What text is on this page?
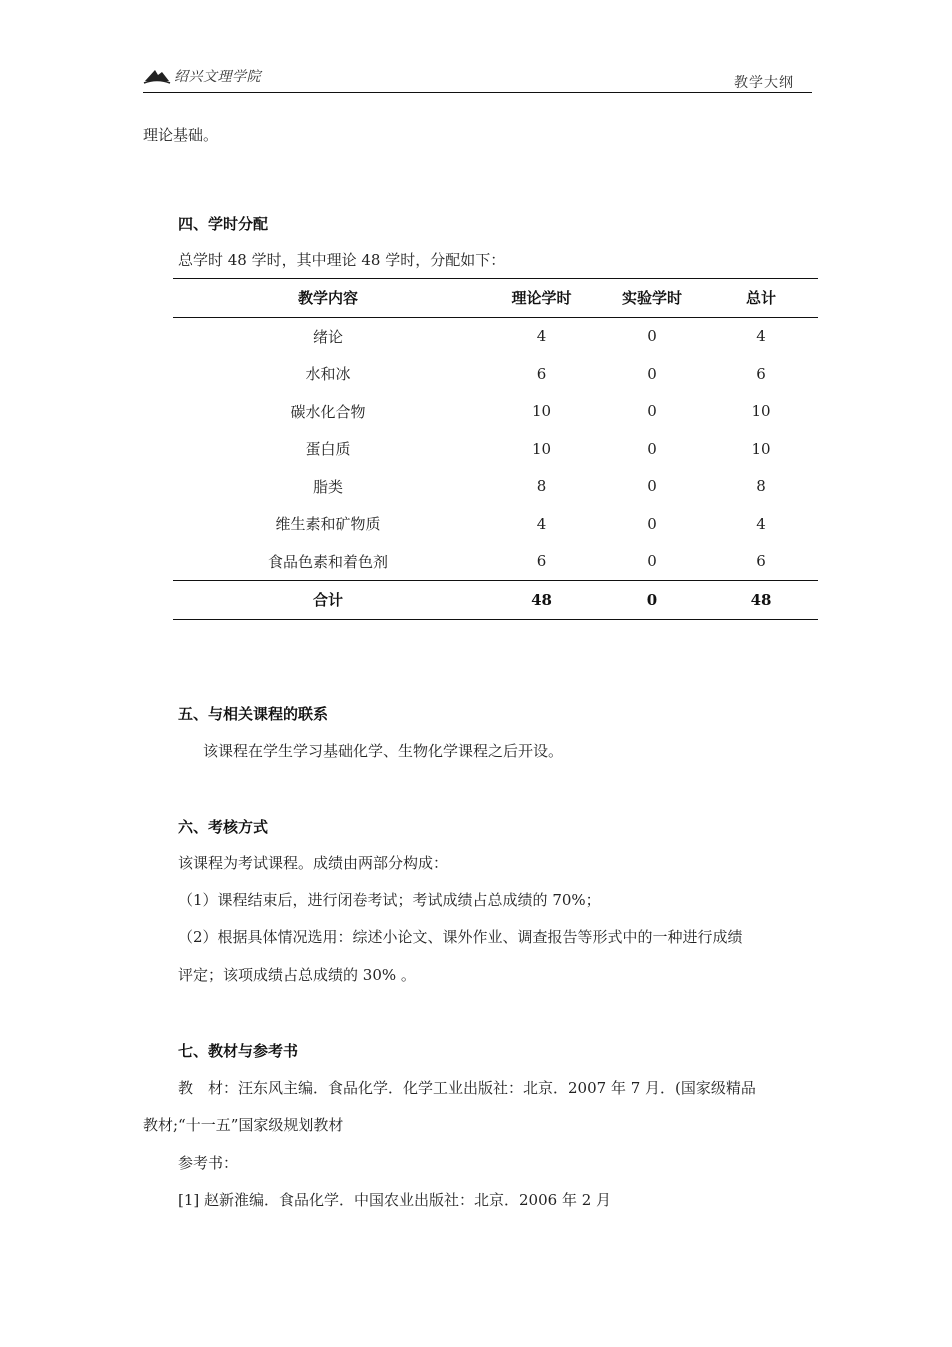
绍兴文理学院	教学大纲
理论基础。
四、学时分配
总学时 48 学时，其中理论 48 学时，分配如下：
教学内容	理论学时	实验学时	总计
绪论	4	0	4
水和冰	6	0	6
碳水化合物	10	0	10
蛋白质	10	0	10
脂类	8	0	8
维生素和矿物质	4	0	4
食品色素和着色剂	6	0	6
合计	48	0	48
五、与相关课程的联系
该课程在学生学习基础化学、生物化学课程之后开设。
六、考核方式
该课程为考试课程。成绩由两部分构成：
（1）课程结束后，进行闭卷考试；考试成绩占总成绩的 70%；
（2）根据具体情况选用：综述小论文、课外作业、调查报告等形式中的一种进行成绩
评定；该项成绩占总成绩的 30% 。
七、教材与参考书
教　材：汪东风主编．食品化学．化学工业出版社：北京．2007 年 7 月．(国家级精品
教材;“十一五”国家级规划教材
参考书：
[1] 赵新淮编．食品化学．中国农业出版社：北京．2006 年 2 月
